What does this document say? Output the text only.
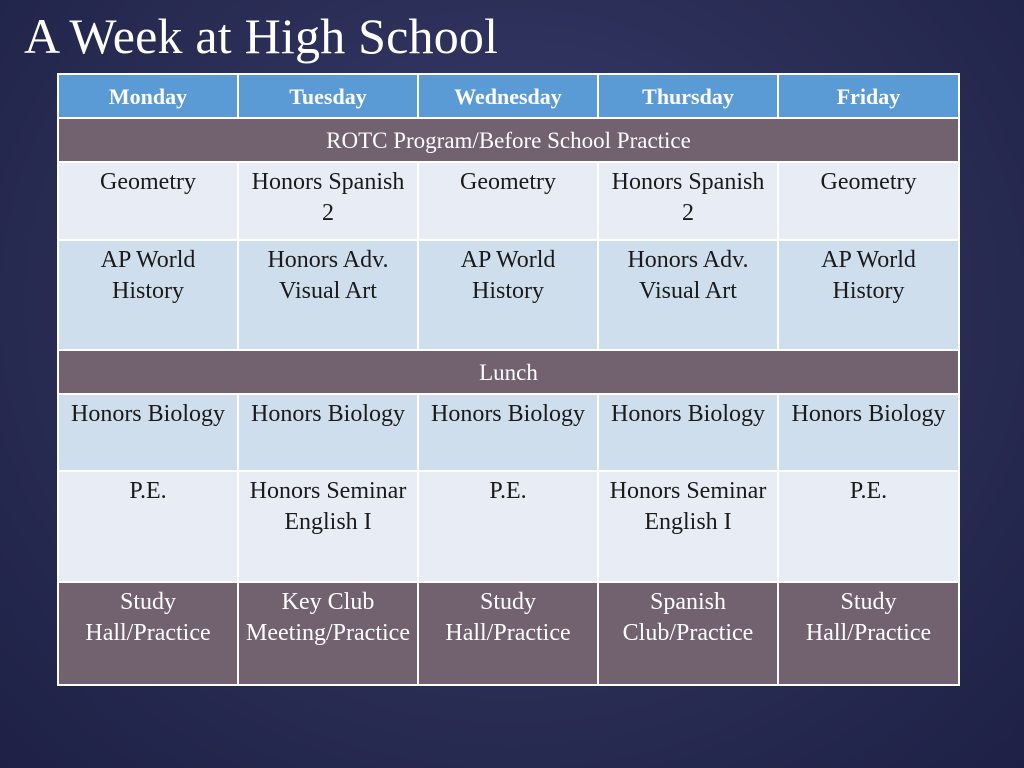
A Week at High School
Monday	Tuesday	Wednesday	Thursday	Friday
ROTC Program/Before School Practice				
Geometry	Honors Spanish 2	Geometry	Honors Spanish 2	Geometry
AP World History	Honors Adv. Visual Art	AP World History	Honors Adv. Visual Art	AP World History
Lunch				
Honors Biology	Honors Biology	Honors Biology	Honors Biology	Honors Biology
P.E.	Honors Seminar English I	P.E.	Honors Seminar English I	P.E.
Study Hall/Practice	Key Club Meeting/Practice	Study Hall/Practice	Spanish Club/Practice	Study Hall/Practice
